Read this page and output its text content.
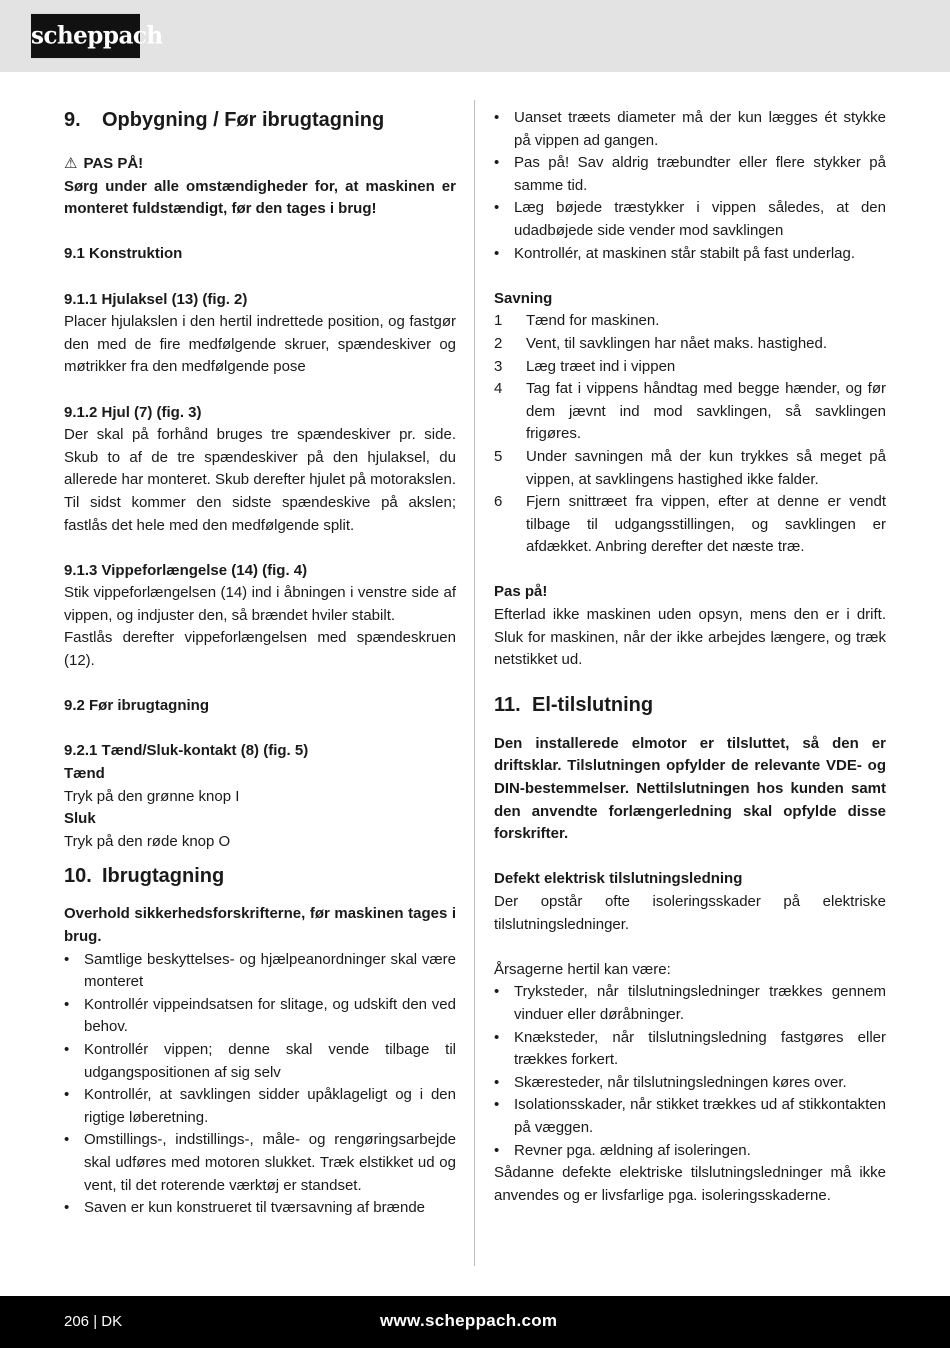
scheppach
9.	Opbygning / Før ibrugtagning

⚠ PAS PÅ!

Sørg under alle omstændigheder for, at maskinen er monteret fuldstændigt, før den tages i brug!

9.1 Konstruktion

9.1.1 Hjulaksel (13) (fig. 2)

Placer hjulakslen i den hertil indrettede position, og fastgør den med de fire medfølgende skruer, spændeskiver og møtrikker fra den medfølgende pose

9.1.2 Hjul (7) (fig. 3)

Der skal på forhånd bruges tre spændeskiver pr. side. Skub to af de tre spændeskiver på den hjulaksel, du allerede har monteret. Skub derefter hjulet på motorakslen. Til sidst kommer den sidste spændeskive på akslen; fastlås det hele med den medfølgende split.

9.1.3 Vippeforlængelse (14) (fig. 4)

Stik vippeforlængelsen (14) ind i åbningen i venstre side af vippen, og indjuster den, så brændet hviler stabilt.

Fastlås derefter vippeforlængelsen med spændeskruen (12).

9.2 Før ibrugtagning

9.2.1 Tænd/Sluk-kontakt (8) (fig. 5)

Tænd

Tryk på den grønne knop I

Sluk

Tryk på den røde knop O

10. Ibrugtagning

Overhold sikkerhedsforskrifterne, før maskinen tages i brug.

• Samtlige beskyttelses- og hjælpeanordninger skal være monteret
• Kontrollér vippeindsatsen for slitage, og udskift den ved behov.
• Kontrollér vippen; denne skal vende tilbage til udgangspositionen af sig selv
• Kontrollér, at savklingen sidder upåklageligt og i den rigtige løberetning.
• Omstillings-, indstillings-, måle- og rengøringsarbejde skal udføres med motoren slukket. Træk elstikket ud og vent, til det roterende værktøj er standset.
• Saven er kun konstrueret til tværsavning af brænde
• Uanset træets diameter må der kun lægges ét stykke på vippen ad gangen.
• Pas på! Sav aldrig træbundter eller flere stykker på samme tid.
• Læg bøjede træstykker i vippen således, at den udadbøjede side vender mod savklingen
• Kontrollér, at maskinen står stabilt på fast underlag.

Savning

1	Tænd for maskinen.
2	Vent, til savklingen har nået maks. hastighed.
3	Læg træet ind i vippen
4	Tag fat i vippens håndtag med begge hænder, og før dem jævnt ind mod savklingen, så savklingen frigøres.
5	Under savningen må der kun trykkes så meget på vippen, at savklingens hastighed ikke falder.
6	Fjern snittræet fra vippen, efter at denne er vendt tilbage til udgangsstillingen, og savklingen er afdækket. Anbring derefter det næste træ.

Pas på!

Efterlad ikke maskinen uden opsyn, mens den er i drift. Sluk for maskinen, når der ikke arbejdes længere, og træk netstikket ud.

11. El-tilslutning

Den installerede elmotor er tilsluttet, så den er driftsklar. Tilslutningen opfylder de relevante VDE- og DIN-bestemmelser. Nettilslutningen hos kunden samt den anvendte forlængerledning skal opfylde disse forskrifter.

Defekt elektrisk tilslutningsledning

Der opstår ofte isoleringsskader på elektriske tilslutningsledninger.

Årsagerne hertil kan være:

• Tryksteder, når tilslutningsledninger trækkes gennem vinduer eller døråbninger.
• Knæksteder, når tilslutningsledning fastgøres eller trækkes forkert.
• Skæresteder, når tilslutningsledningen køres over.
• Isolationsskader, når stikket trækkes ud af stikkontakten på væggen.
• Revner pga. ældning af isoleringen.

Sådanne defekte elektriske tilslutningsledninger må ikke anvendes og er livsfarlige pga. isoleringsskaderne.

206 | DK	www.scheppach.com
